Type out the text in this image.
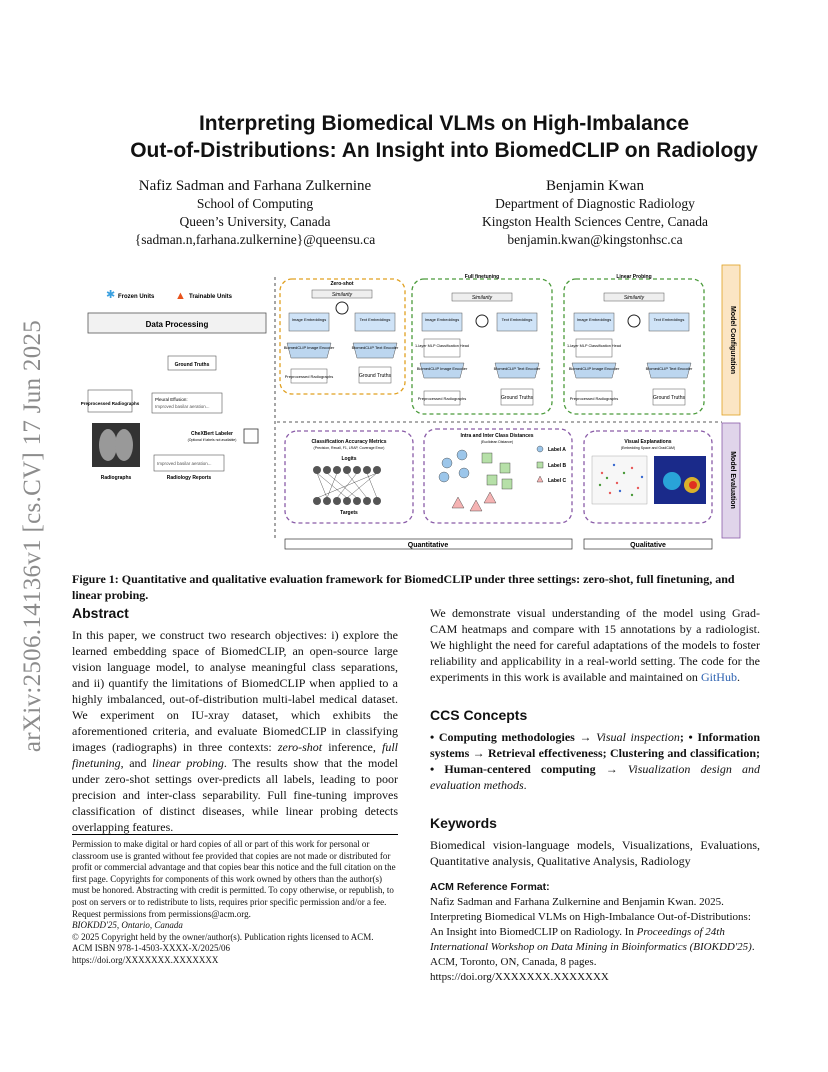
arXiv:2506.14136v1 [cs.CV] 17 Jun 2025
Interpreting Biomedical VLMs on High-Imbalance
Out-of-Distributions: An Insight into BiomedCLIP on Radiology
Nafiz Sadman and Farhana Zulkernine
School of Computing
Queen’s University, Canada
{sadman.n,farhana.zulkernine}@queensu.ca
Benjamin Kwan
Department of Diagnostic Radiology
Kingston Health Sciences Centre, Canada
benjamin.kwan@kingstonhsc.ca
✱ Frozen Units ▲ Trainable Units
Data Processing
Ground Truths
Preprocessed Radiographs
Pleural Effusion:
Improved basilar aeration...
CheXBert Labeler
(Optional if labels not available)
Radiographs
Improved basilar aeration...
Radiology Reports
Zero-shot
Similarity
Image Embeddings	Text Embeddings
BiomedCLIP Image Encoder	BiomedCLIP Text Encoder
Preprocessed Radiographs	Ground Truths
Full finetuning
Similarity
Image Embeddings	Text Embeddings
1-layer MLP Classification Head
BiomedCLIP Image Encoder	BiomedCLIP Text Encoder
Preprocessed Radiographs	Ground Truths
Linear Probing
Similarity
Image Embeddings	Text Embeddings
1-layer MLP Classification Head
BiomedCLIP Image Encoder	BiomedCLIP Text Encoder
Preprocessed Radiographs	Ground Truths
Model Configuration
Model Evaluation
Classification Accuracy Metrics
(Precision, Recall, F1, LRAP, Coverage Error)
Logits
Targets
Intra and Inter Class Distances
(Euclidean Distance)
Label A
Label B
Label C
Visual Explanations
(Embedding Space and GradCAM)
Quantitative	Qualitative
Figure 1: Quantitative and qualitative evaluation framework for BiomedCLIP under three settings: zero-shot, full finetuning, and linear probing.
Abstract

In this paper, we construct two research objectives: i) explore the learned embedding space of BiomedCLIP, an open-source large vision language model, to analyse meaningful class separations, and ii) quantify the limitations of BiomedCLIP when applied to a highly imbalanced, out-of-distribution multi-label medical dataset. We experiment on IU-xray dataset, which exhibits the aforementioned criteria, and evaluate BiomedCLIP in classifying images (radiographs) in three contexts: zero-shot inference, full finetuning, and linear probing. The results show that the model under zero-shot settings over-predicts all labels, leading to poor precision and inter-class separability. Full fine-tuning improves classification of distinct diseases, while linear probing detects overlapping features.

Permission to make digital or hard copies of all or part of this work for personal or classroom use is granted without fee provided that copies are not made or distributed for profit or commercial advantage and that copies bear this notice and the full citation on the first page. Copyrights for components of this work owned by others than the author(s) must be honored. Abstracting with credit is permitted. To copy otherwise, or republish, to post on servers or to redistribute to lists, requires prior specific permission and/or a fee. Request permissions from permissions@acm.org.
BIOKDD'25, Ontario, Canada
© 2025 Copyright held by the owner/author(s). Publication rights licensed to ACM.
ACM ISBN 978-1-4503-XXXX-X/2025/06
https://doi.org/XXXXXXX.XXXXXXX

We demonstrate visual understanding of the model using Grad-CAM heatmaps and compare with 15 annotations by a radiologist. We highlight the need for careful adaptations of the models to foster reliability and applicability in a real-world setting. The code for the experiments in this work is available and maintained on GitHub.

CCS Concepts

• Computing methodologies → Visual inspection; • Information systems → Retrieval effectiveness; Clustering and classification; • Human-centered computing → Visualization design and evaluation methods.

Keywords

Biomedical vision-language models, Visualizations, Evaluations, Quantitative analysis, Qualitative Analysis, Radiology

ACM Reference Format:
Nafiz Sadman and Farhana Zulkernine and Benjamin Kwan. 2025. Interpreting Biomedical VLMs on High-Imbalance Out-of-Distributions: An Insight into BiomedCLIP on Radiology. In Proceedings of 24th International Workshop on Data Mining in Bioinformatics (BIOKDD'25). ACM, Toronto, ON, Canada, 8 pages. https://doi.org/XXXXXXX.XXXXXXX
